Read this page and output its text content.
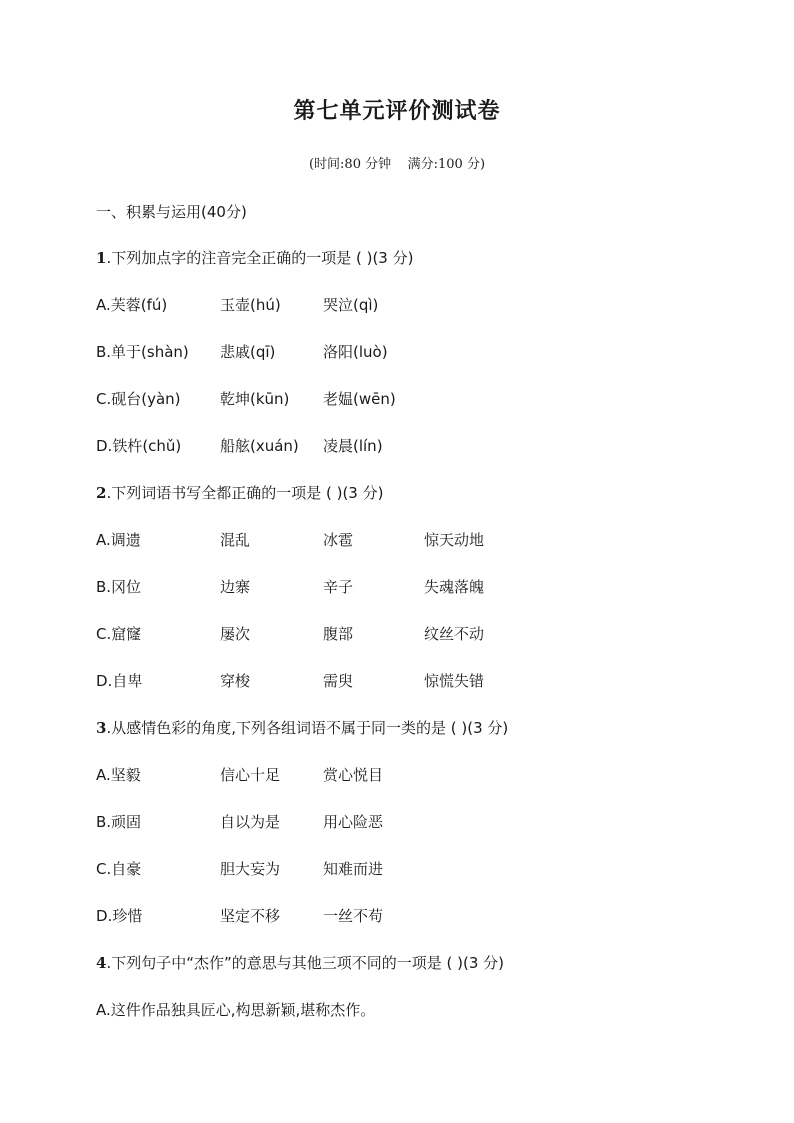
第七单元评价测试卷
(时间:80 分钟    满分:100 分)
一、积累与运用(40分)
1.下列加点字的注音完全正确的一项是 ( )(3 分)
A.芙蓉(fú)	玉壶(hú)	哭泣(qì)
B.单于(shàn) 悲戚(qī)	洛阳(luò)
C.砚台(yàn)	乾坤(kūn) 老媪(wēn)
D.铁杵(chǔ)	船舷(xuán) 凌晨(lín)
2.下列词语书写全都正确的一项是 ( )(3 分)
A.调遗	混乱	冰雹	惊天动地
B.冈位	边寨	辛子	失魂落魄
C.窟窿	屡次	腹部	纹丝不动
D.自卑	穿梭	需臾	惊慌失错
3.从感情色彩的角度,下列各组词语不属于同一类的是 ( )(3 分)
A.坚毅	信心十足	赏心悦目
B.顽固	自以为是	用心险恶
C.自豪	胆大妄为	知难而进
D.珍惜	坚定不移	一丝不苟
4.下列句子中“杰作”的意思与其他三项不同的一项是 ( )(3 分)
A.这件作品独具匠心,构思新颖,堪称杰作。
